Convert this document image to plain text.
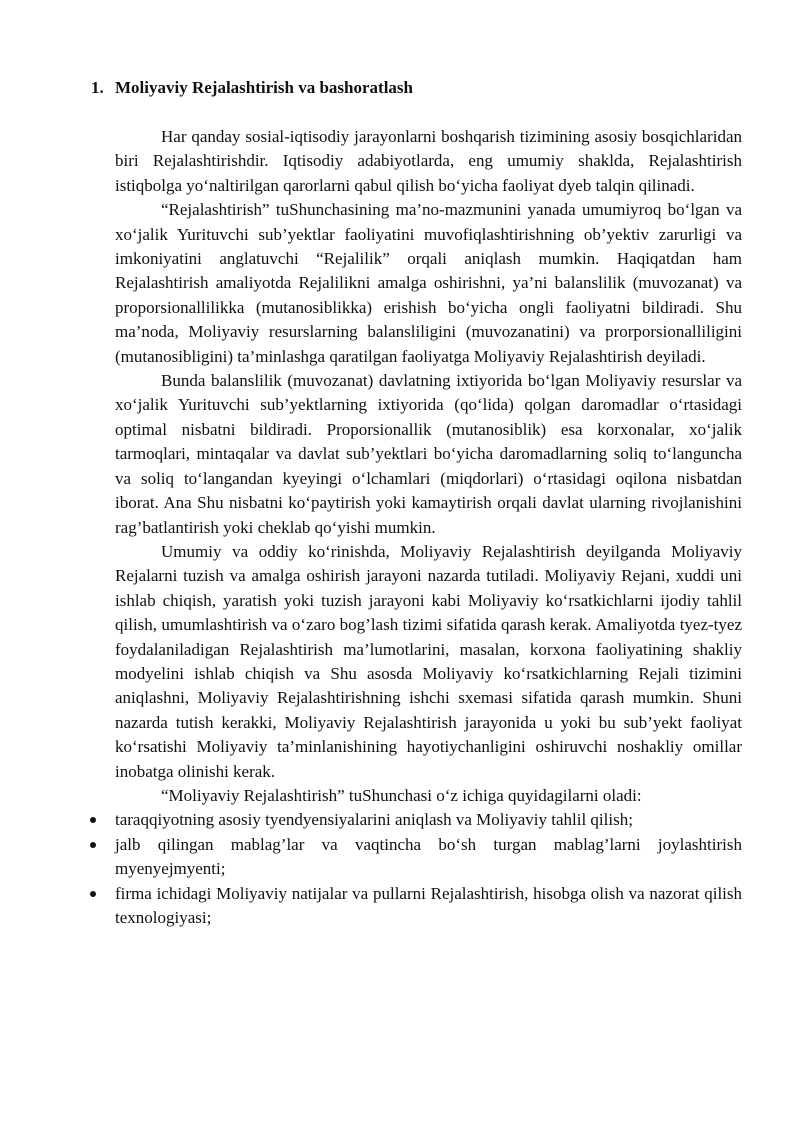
1. Moliyaviy Rejalashtirish va bashoratlash

Har qanday sosial-iqtisodiy jarayonlarni boshqarish tizimining asosiy bosqichlaridan biri Rejalashtirishdir. Iqtisodiy adabiyotlarda, eng umumiy shaklda, Rejalashtirish istiqbolga yo‘naltirilgan qarorlarni qabul qilish bo‘yicha faoliyat dyeb talqin qilinadi.

“Rejalashtirish” tuShunchasining ma’no-mazmunini yanada umumiyroq bo‘lgan va xo‘jalik Yurituvchi sub’yektlar faoliyatini muvofiqlashtirishning ob’yektiv zarurligi va imkoniyatini anglatuvchi “Rejalilik” orqali aniqlash mumkin. Haqiqatdan ham Rejalashtirish amaliyotda Rejalilikni amalga oshirishni, ya’ni balanslilik (muvozanat) va proporsionallilikka (mutanosiblikka) erishish bo‘yicha ongli faoliyatni bildiradi. Shu ma’noda, Moliyaviy resurslarning balansliligini (muvozanatini) va prorporsionalliligini (mutanosibligini) ta’minlashga qaratilgan faoliyatga Moliyaviy Rejalashtirish deyiladi.

Bunda balanslilik (muvozanat) davlatning ixtiyorida bo‘lgan Moliyaviy resurslar va xo‘jalik Yurituvchi sub’yektlarning ixtiyorida (qo‘lida) qolgan daromadlar o‘rtasidagi optimal nisbatni bildiradi. Proporsionallik (mutanosiblik) esa korxonalar, xo‘jalik tarmoqlari, mintaqalar va davlat sub’yektlari bo‘yicha daromadlarning soliq to‘languncha va soliq to‘langandan kyeyingi o‘lchamlari (miqdorlari) o‘rtasidagi oqilona nisbatdan iborat. Ana Shu nisbatni ko‘paytirish yoki kamaytirish orqali davlat ularning rivojlanishini rag’batlantirish yoki cheklab qo‘yishi mumkin.

Umumiy va oddiy ko‘rinishda, Moliyaviy Rejalashtirish deyilganda Moliyaviy Rejalarni tuzish va amalga oshirish jarayoni nazarda tutiladi. Moliyaviy Rejani, xuddi uni ishlab chiqish, yaratish yoki tuzish jarayoni kabi Moliyaviy ko‘rsatkichlarni ijodiy tahlil qilish, umumlashtirish va o‘zaro bog’lash tizimi sifatida qarash kerak. Amaliyotda tyez-tyez foydalaniladigan Rejalashtirish ma’lumotlarini, masalan, korxona faoliyatining shakliy modyelini ishlab chiqish va Shu asosda Moliyaviy ko‘rsatkichlarning Rejali tizimini aniqlashni, Moliyaviy Rejalashtirishning ishchi sxemasi sifatida qarash mumkin. Shuni nazarda tutish kerakki, Moliyaviy Rejalashtirish jarayonida u yoki bu sub’yekt faoliyat ko‘rsatishi Moliyaviy ta’minlanishining hayotiychanligini oshiruvchi noshakliy omillar inobatga olinishi kerak.

“Moliyaviy Rejalashtirish” tuShunchasi o‘z ichiga quyidagilarni oladi:

taraqqiyotning asosiy tyendyensiyalarini aniqlash va Moliyaviy tahlil qilish;
jalb qilingan mablag’lar va vaqtincha bo‘sh turgan mablag’larni joylashtirish myenyejmyenti;
firma ichidagi Moliyaviy natijalar va pullarni Rejalashtirish, hisobga olish va nazorat qilish texnologiyasi;
